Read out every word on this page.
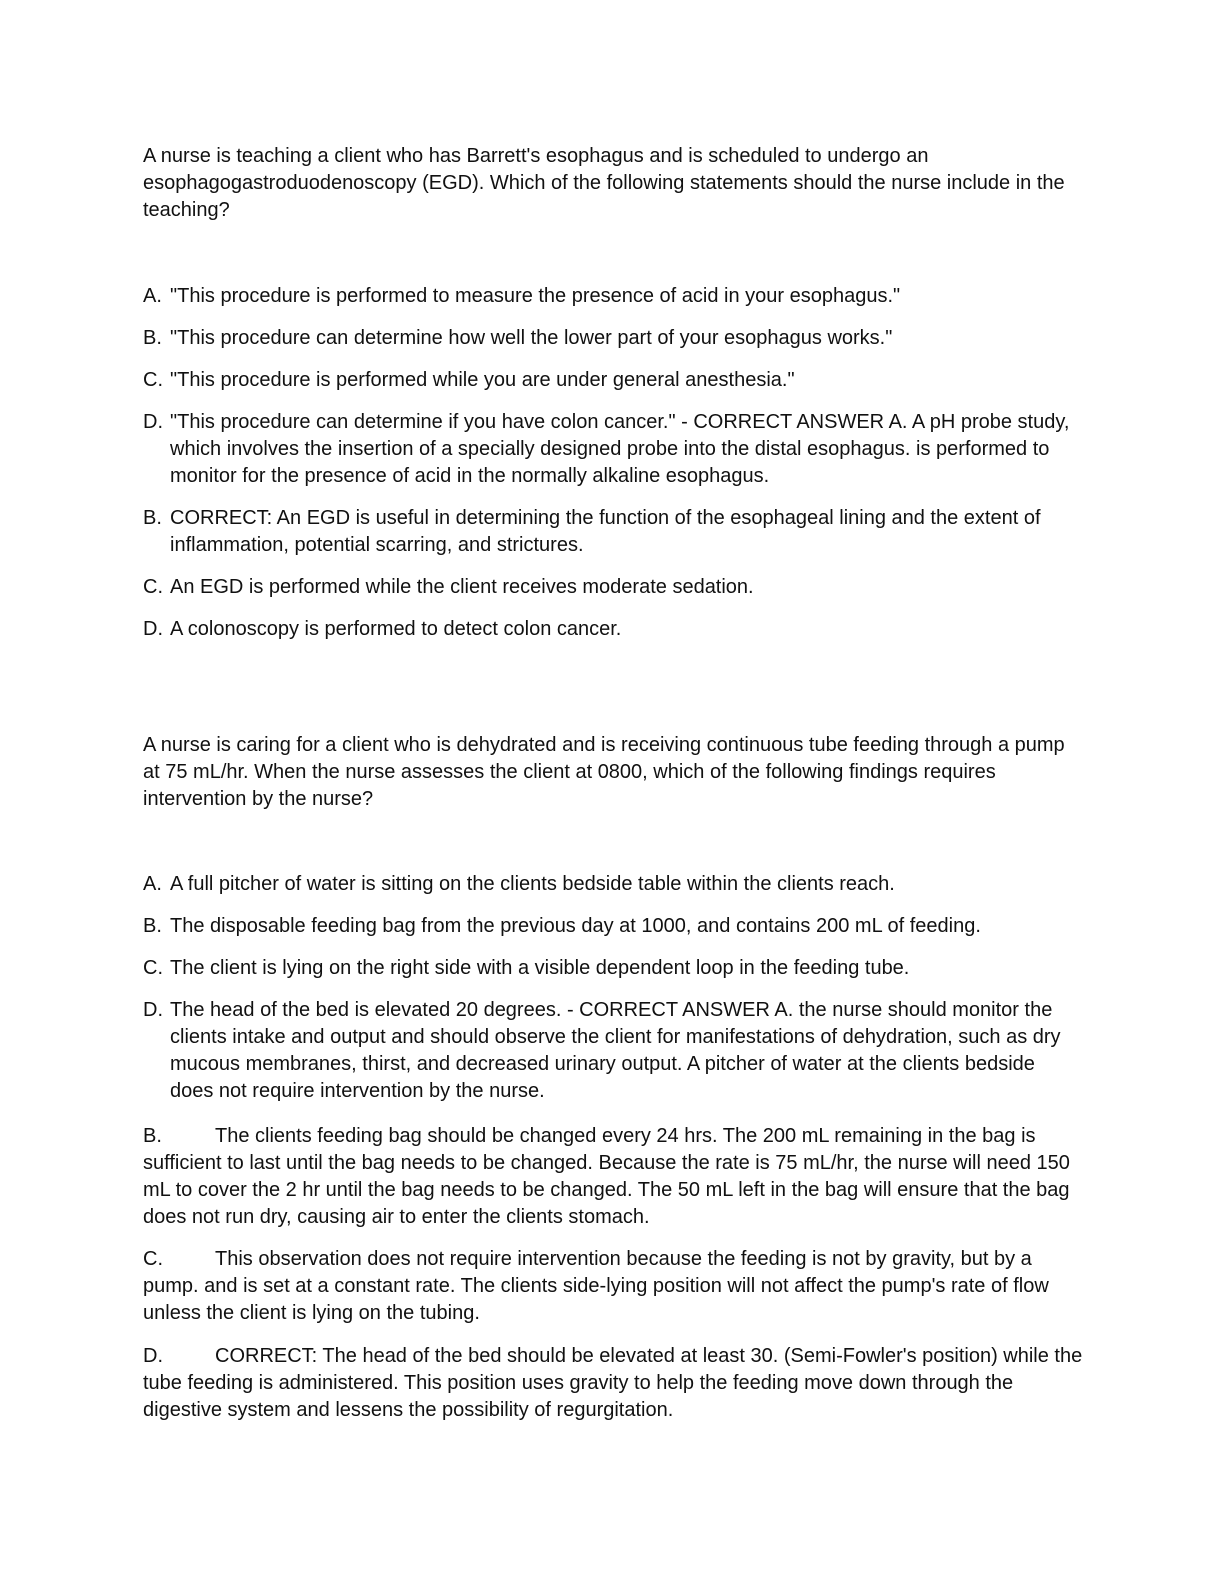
A nurse is teaching a client who has Barrett's esophagus and is scheduled to undergo an esophagogastroduodenoscopy (EGD). Which of the following statements should the nurse include in the teaching?
A. "This procedure is performed to measure the presence of acid in your esophagus."
B. "This procedure can determine how well the lower part of your esophagus works."
C. "This procedure is performed while you are under general anesthesia."
D. "This procedure can determine if you have colon cancer." - CORRECT ANSWER A. A pH probe study, which involves the insertion of a specially designed probe into the distal esophagus. is performed to monitor for the presence of acid in the normally alkaline esophagus.
B. CORRECT: An EGD is useful in determining the function of the esophageal lining and the extent of inflammation, potential scarring, and strictures.
C. An EGD is performed while the client receives moderate sedation.
D. A colonoscopy is performed to detect colon cancer.
A nurse is caring for a client who is dehydrated and is receiving continuous tube feeding through a pump at 75 mL/hr. When the nurse assesses the client at 0800, which of the following findings requires intervention by the nurse?
A. A full pitcher of water is sitting on the clients bedside table within the clients reach.
B. The disposable feeding bag from the previous day at 1000, and contains 200 mL of feeding.
C. The client is lying on the right side with a visible dependent loop in the feeding tube.
D. The head of the bed is elevated 20 degrees. - CORRECT ANSWER A. the nurse should monitor the clients intake and output and should observe the client for manifestations of dehydration, such as dry mucous membranes, thirst, and decreased urinary output. A pitcher of water at the clients bedside does not require intervention by the nurse.

B.	The clients feeding bag should be changed every 24 hrs. The 200 mL remaining in the bag is sufficient to last until the bag needs to be changed. Because the rate is 75 mL/hr, the nurse will need 150 mL to cover the 2 hr until the bag needs to be changed. The 50 mL left in the bag will ensure that the bag does not run dry, causing air to enter the clients stomach.

C.	This observation does not require intervention because the feeding is not by gravity, but by a pump. and is set at a constant rate. The clients side-lying position will not affect the pump's rate of flow unless the client is lying on the tubing.

D.	CORRECT: The head of the bed should be elevated at least 30. (Semi-Fowler's position) while the tube feeding is administered. This position uses gravity to help the feeding move down through the digestive system and lessens the possibility of regurgitation.
